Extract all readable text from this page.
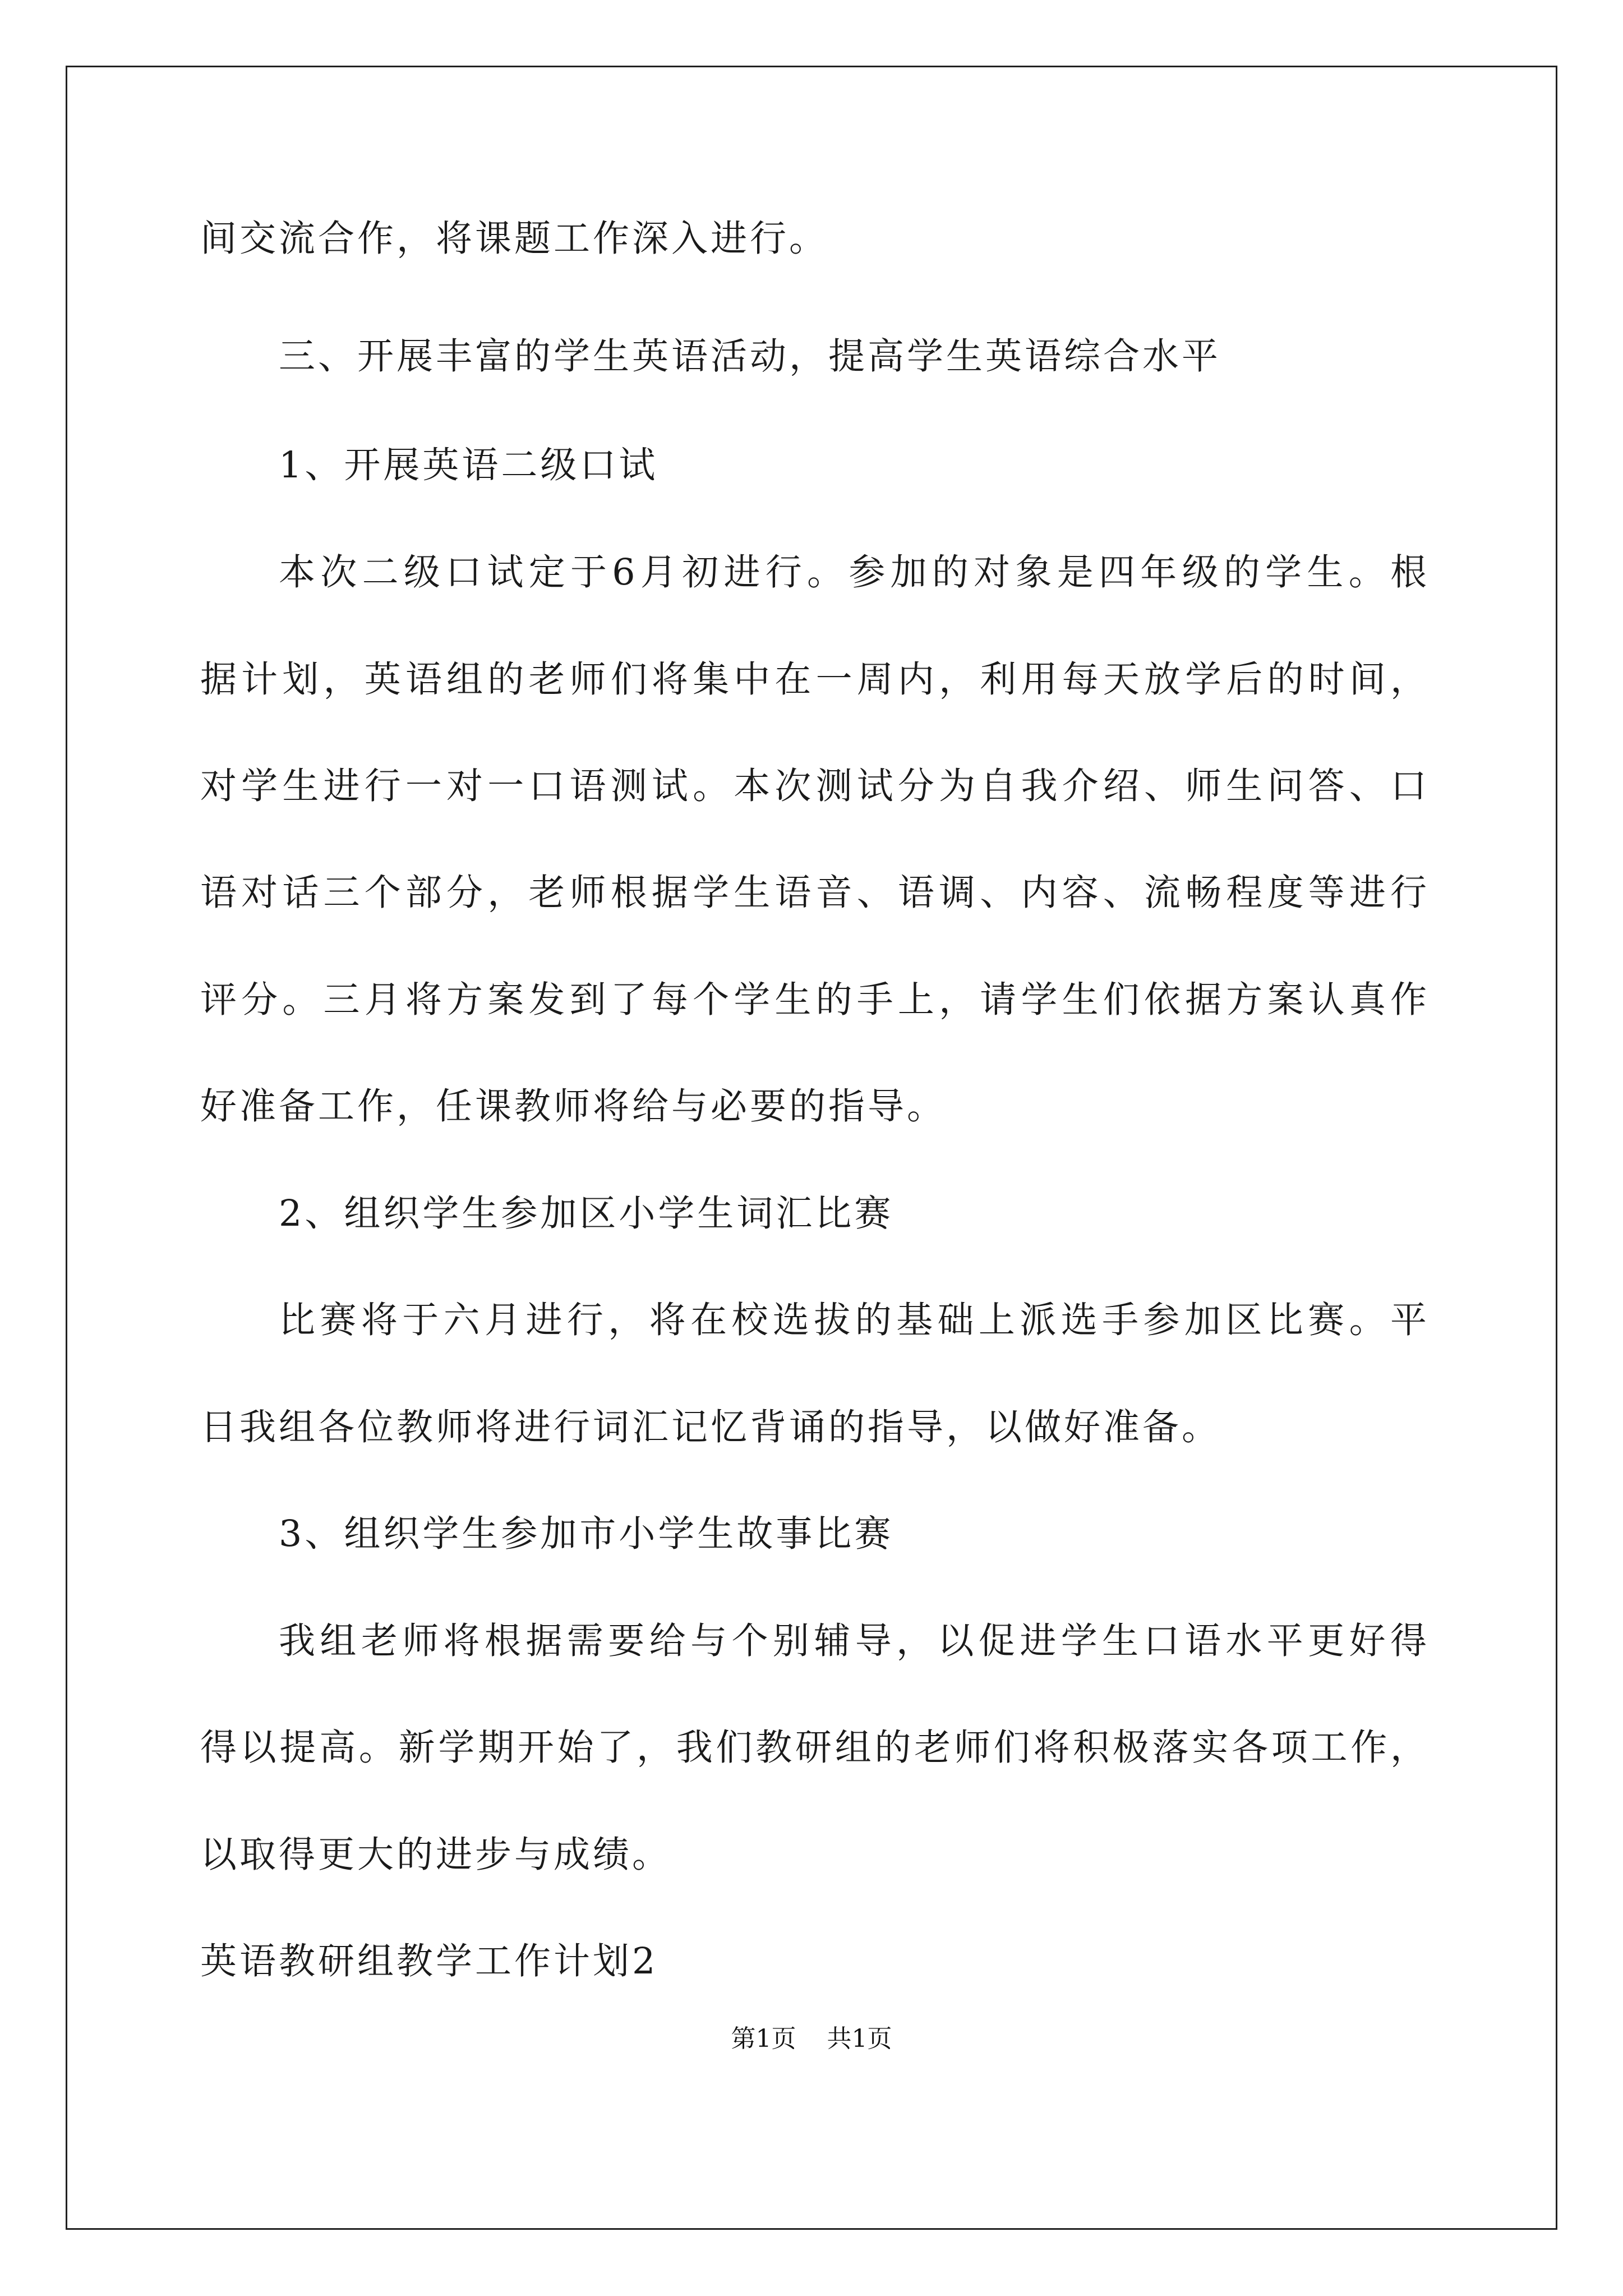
间交流合作，将课题工作深入进行。
三、开展丰富的学生英语活动，提高学生英语综合水平
1、开展英语二级口试
本次二级口试定于6月初进行。参加的对象是四年级的学生。根
据计划，英语组的老师们将集中在一周内，利用每天放学后的时间，
对学生进行一对一口语测试。本次测试分为自我介绍、师生问答、口
语对话三个部分，老师根据学生语音、语调、内容、流畅程度等进行
评分。三月将方案发到了每个学生的手上，请学生们依据方案认真作
好准备工作，任课教师将给与必要的指导。
2、组织学生参加区小学生词汇比赛
比赛将于六月进行，将在校选拔的基础上派选手参加区比赛。平
日我组各位教师将进行词汇记忆背诵的指导，以做好准备。
3、组织学生参加市小学生故事比赛
我组老师将根据需要给与个别辅导，以促进学生口语水平更好得
得以提高。新学期开始了，我们教研组的老师们将积极落实各项工作，
以取得更大的进步与成绩。
英语教研组教学工作计划2
第1页 共1页
